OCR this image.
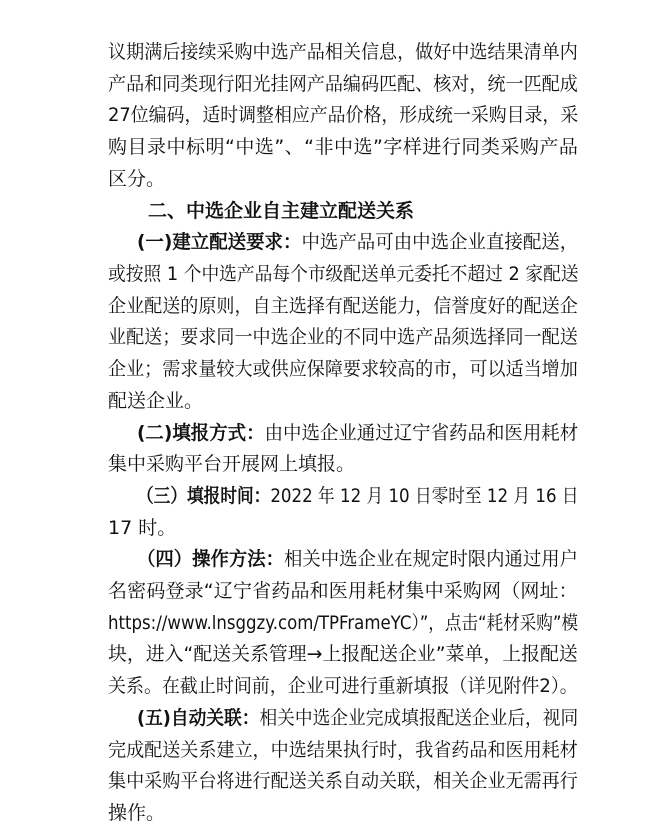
议期满后接续采购中选产品相关信息，做好中选结果清单内
产品和同类现行阳光挂网产品编码匹配、核对，统一匹配成
27位编码，适时调整相应产品价格，形成统一采购目录，采
购目录中标明“中选”、“非中选”字样进行同类采购产品
区分。
二、中选企业自主建立配送关系
(一)建立配送要求：中选产品可由中选企业直接配送，
或按照 1 个中选产品每个市级配送单元委托不超过 2 家配送
企业配送的原则，自主选择有配送能力，信誉度好的配送企
业配送；要求同一中选企业的不同中选产品须选择同一配送
企业；需求量较大或供应保障要求较高的市，可以适当增加
配送企业。
(二)填报方式：由中选企业通过辽宁省药品和医用耗材
集中采购平台开展网上填报。
（三）填报时间：2022 年 12 月 10 日零时至 12 月 16 日
17 时。
（四）操作方法：相关中选企业在规定时限内通过用户
名密码登录“辽宁省药品和医用耗材集中采购网（网址：
https://www.lnsggzy.com/TPFrameYC）”，点击“耗材采购”模
块，进入“配送关系管理→上报配送企业”菜单，上报配送
关系。在截止时间前，企业可进行重新填报（详见附件2）。
(五)自动关联：相关中选企业完成填报配送企业后，视同
完成配送关系建立，中选结果执行时，我省药品和医用耗材
集中采购平台将进行配送关系自动关联，相关企业无需再行
操作。
